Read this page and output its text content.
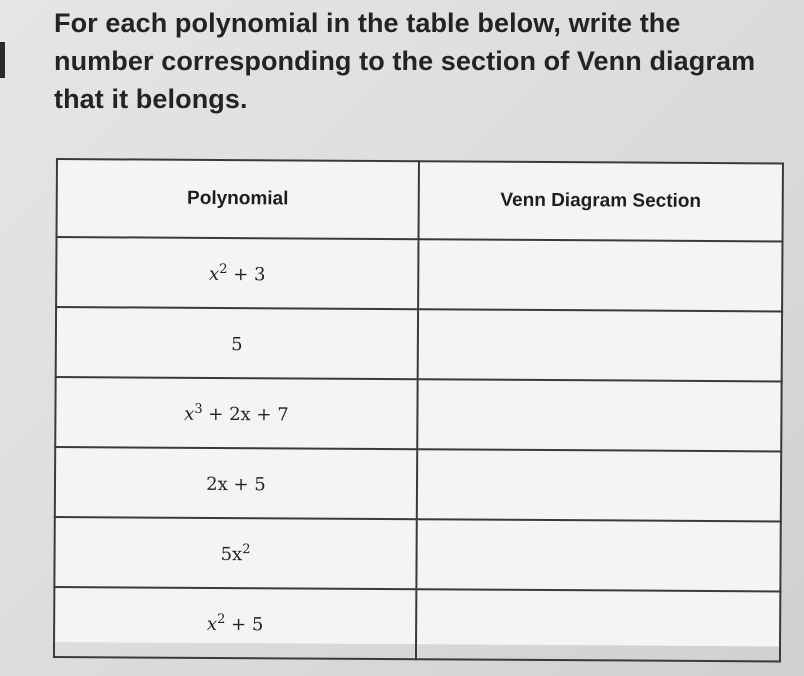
For each polynomial in the table below, write the number corresponding to the section of Venn diagram that it belongs.
Polynomial	Venn Diagram Section
$x^2 + 3$	
5	
$x^3 + 2x + 7$	
2x + 5	
$5x^2$	
$x^2 + 5$	
